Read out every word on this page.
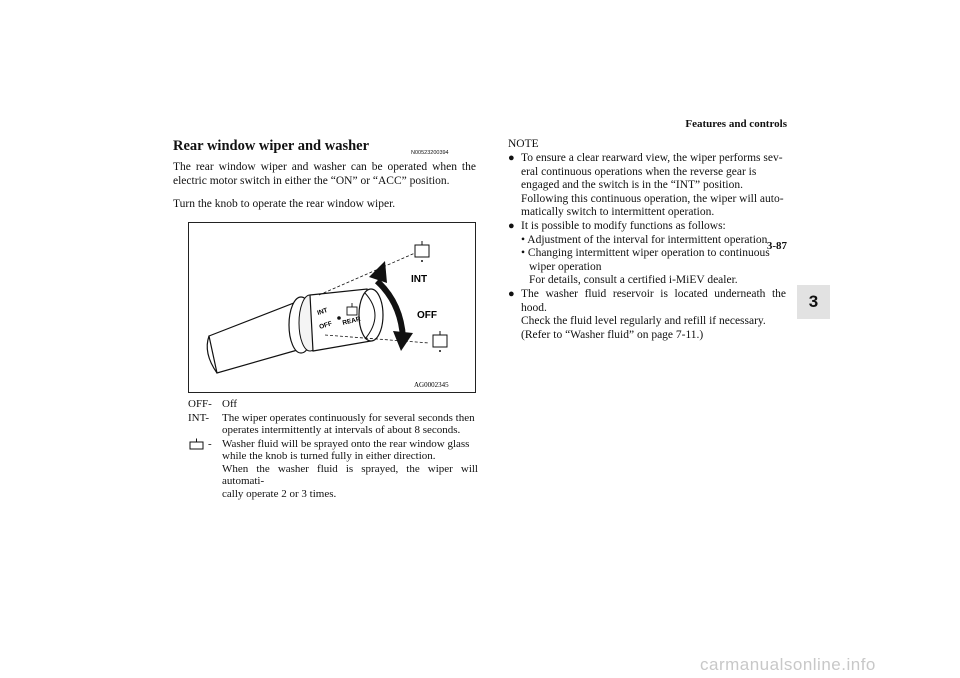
Features and controls
3-87
3
Rear window wiper and washer	N00523200394
The rear window wiper and washer can be operated when the electric motor switch in either the “ON” or “ACC” position.
Turn the knob to operate the rear window wiper.
INT
OFF REAR
INT
OFF
AG0002345
OFF- Off
INT-	The wiper operates continuously for several seconds then
operates intermittently at intervals of about 8 seconds.
- Washer fluid will be sprayed onto the rear window glass
while the knob is turned fully in either direction.
When the washer fluid is sprayed, the wiper will automati-
cally operate 2 or 3 times.
NOTE
● To ensure a clear rearward view, the wiper performs sev-
eral continuous operations when the reverse gear is
engaged and the switch is in the “INT” position.
Following this continuous operation, the wiper will auto-
matically switch to intermittent operation.
● It is possible to modify functions as follows:
• Adjustment of the interval for intermittent operation
• Changing intermittent wiper operation to continuous
wiper operation
For details, consult a certified i-MiEV dealer.
● The washer fluid reservoir is located underneath the hood.
Check the fluid level regularly and refill if necessary.
(Refer to “Washer fluid” on page 7-11.)
carmanualsonline.info
